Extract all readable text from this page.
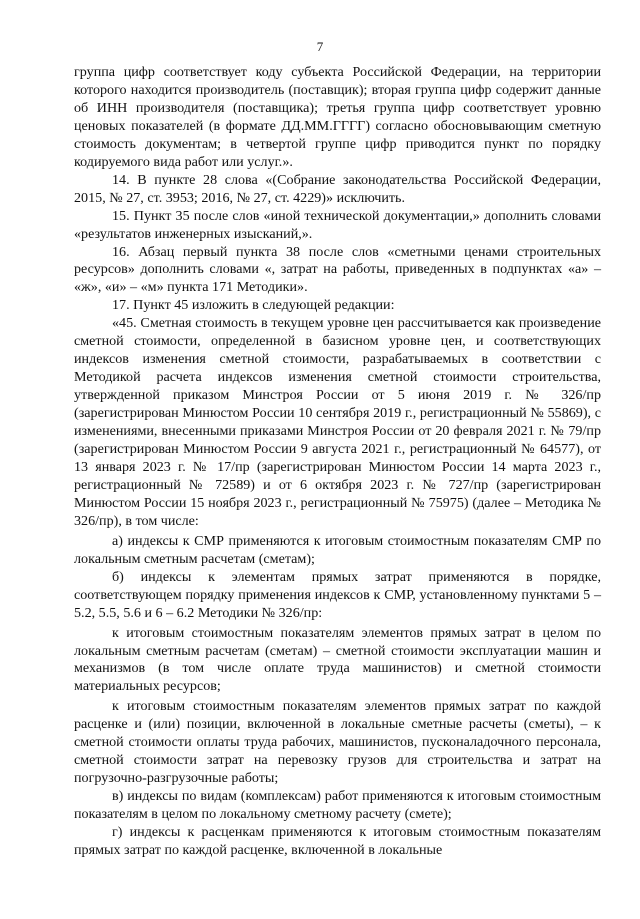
7

группа цифр соответствует коду субъекта Российской Федерации, на территории которого находится производитель (поставщик); вторая группа цифр содержит данные об ИНН производителя (поставщика); третья группа цифр соответствует уровню ценовых показателей (в формате ДД.ММ.ГГГГ) согласно обосновывающим сметную стоимость документам; в четвертой группе цифр приводится пункт по порядку кодируемого вида работ или услуг.».

14. В пункте 28 слова «(Собрание законодательства Российской Федерации, 2015, № 27, ст. 3953; 2016, № 27, ст. 4229)» исключить.

15. Пункт 35 после слов «иной технической документации,» дополнить словами «результатов инженерных изысканий,».

16. Абзац первый пункта 38 после слов «сметными ценами строительных ресурсов» дополнить словами «, затрат на работы, приведенных в подпунктах «а» – «ж», «и» – «м» пункта 171 Методики».

17. Пункт 45 изложить в следующей редакции:

«45. Сметная стоимость в текущем уровне цен рассчитывается как произведение сметной стоимости, определенной в базисном уровне цен, и соответствующих индексов изменения сметной стоимости, разрабатываемых в соответствии с Методикой расчета индексов изменения сметной стоимости строительства, утвержденной приказом Минстроя России от 5 июня 2019 г. № 326/пр (зарегистрирован Минюстом России 10 сентября 2019 г., регистрационный № 55869), с изменениями, внесенными приказами Минстроя России от 20 февраля 2021 г. № 79/пр (зарегистрирован Минюстом России 9 августа 2021 г., регистрационный № 64577), от 13 января 2023 г. № 17/пр (зарегистрирован Минюстом России 14 марта 2023 г., регистрационный № 72589) и от 6 октября 2023 г. № 727/пр (зарегистрирован Минюстом России 15 ноября 2023 г., регистрационный № 75975) (далее – Методика № 326/пр), в том числе:

а) индексы к СМР применяются к итоговым стоимостным показателям СМР по локальным сметным расчетам (сметам);

б) индексы к элементам прямых затрат применяются в порядке, соответствующем порядку применения индексов к СМР, установленному пунктами 5 – 5.2, 5.5, 5.6 и 6 – 6.2 Методики № 326/пр:

к итоговым стоимостным показателям элементов прямых затрат в целом по локальным сметным расчетам (сметам) – сметной стоимости эксплуатации машин и механизмов (в том числе оплате труда машинистов) и сметной стоимости материальных ресурсов;

к итоговым стоимостным показателям элементов прямых затрат по каждой расценке и (или) позиции, включенной в локальные сметные расчеты (сметы), – к сметной стоимости оплаты труда рабочих, машинистов, пусконаладочного персонала, сметной стоимости затрат на перевозку грузов для строительства и затрат на погрузочно-разгрузочные работы;

в) индексы по видам (комплексам) работ применяются к итоговым стоимостным показателям в целом по локальному сметному расчету (смете);

г) индексы к расценкам применяются к итоговым стоимостным показателям прямых затрат по каждой расценке, включенной в локальные
